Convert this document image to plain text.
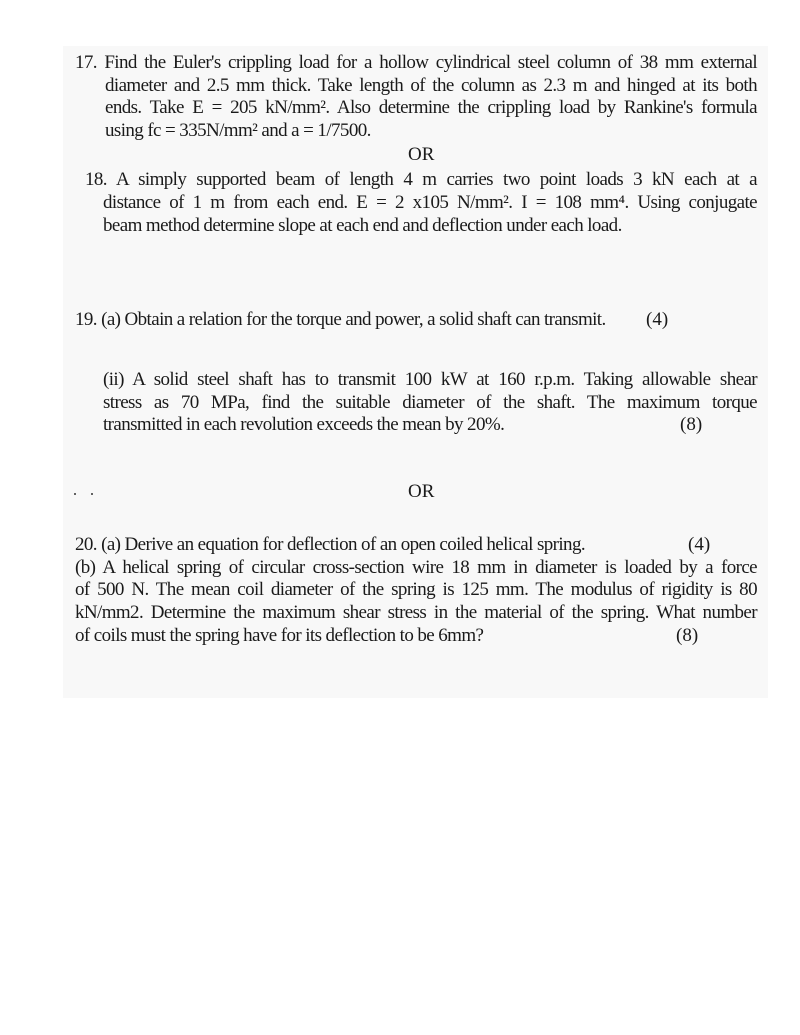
17. Find the Euler's crippling load for a hollow cylindrical steel column of 38 mm external
diameter and 2.5 mm thick. Take length of the column as 2.3 m and hinged at its both
ends. Take E = 205 kN/mm². Also determine the crippling load by Rankine's formula
using fc = 335N/mm² and a = 1/7500.
OR
18. A simply supported beam of length 4 m carries two point loads 3 kN each at a
distance of 1 m from each end. E = 2 x105 N/mm². I = 108 mm⁴. Using conjugate
beam method determine slope at each end and deflection under each load.
19. (a) Obtain a relation for the torque and power, a solid shaft can transmit. (4)
(ii) A solid steel shaft has to transmit 100 kW at 160 r.p.m. Taking allowable shear
stress as 70 MPa, find the suitable diameter of the shaft. The maximum torque
transmitted in each revolution exceeds the mean by 20%.	(8)
OR
20. (a) Derive an equation for deflection of an open coiled helical spring.	(4)
(b) A helical spring of circular cross-section wire 18 mm in diameter is loaded by a force
of 500 N. The mean coil diameter of the spring is 125 mm. The modulus of rigidity is 80
kN/mm2. Determine the maximum shear stress in the material of the spring. What number
of coils must the spring have for its deflection to be 6mm?	(8)
